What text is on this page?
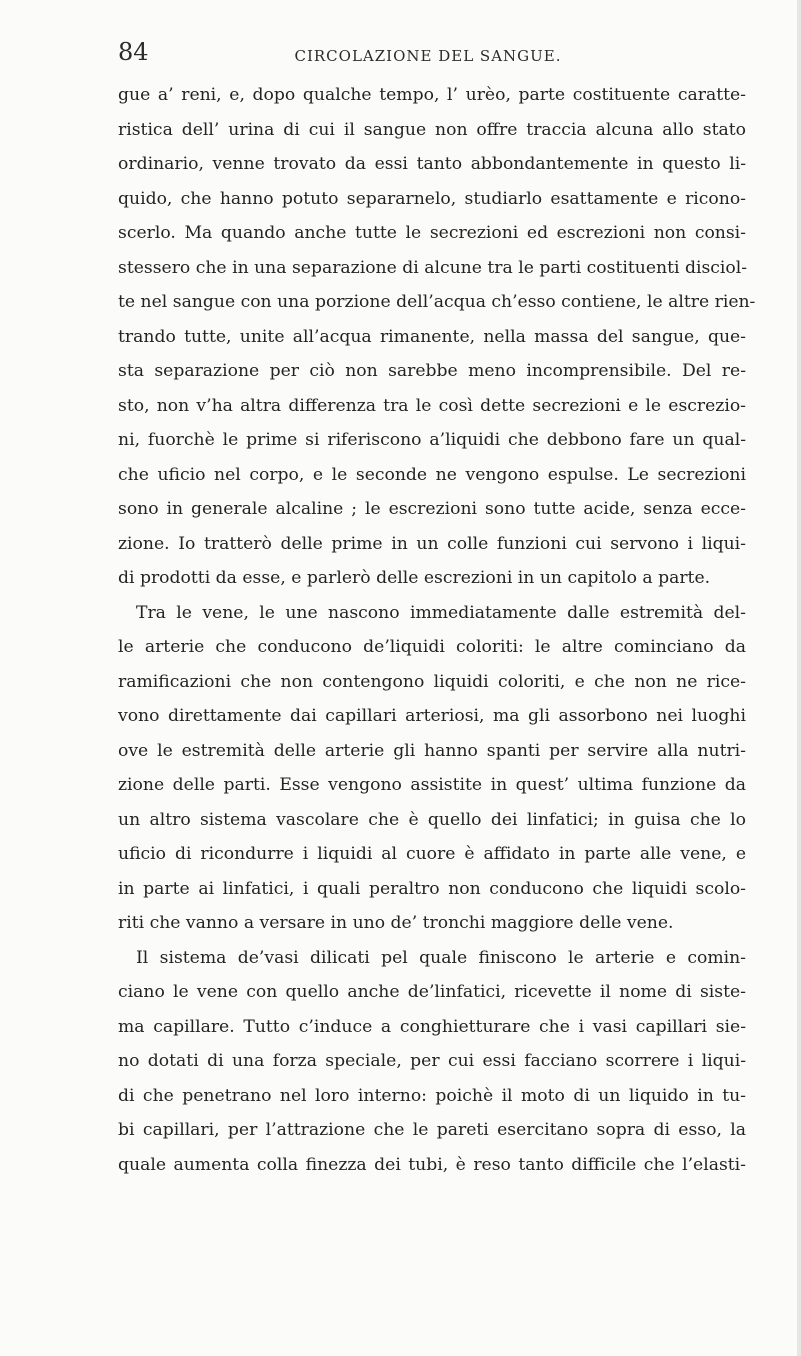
84	CIRCOLAZIONE DEL SANGUE.
gue a’ reni, e, dopo qualche tempo, l’ urèo, parte costituente caratte-
ristica dell’ urina di cui il sangue non offre traccia alcuna allo stato
ordinario, venne trovato da essi tanto abbondantemente in questo li-
quido, che hanno potuto separarnelo, studiarlo esattamente e ricono-
scerlo. Ma quando anche tutte le secrezioni ed escrezioni non consi-
stessero che in una separazione di alcune tra le parti costituenti disciol-
te nel sangue con una porzione dell’acqua ch’esso contiene, le altre rien-
trando tutte, unite all’acqua rimanente, nella massa del sangue, que-
sta separazione per ciò non sarebbe meno incomprensibile. Del re-
sto, non v’ha altra differenza tra le così dette secrezioni e le escrezio-
ni, fuorchè le prime si riferiscono a’liquidi che debbono fare un qual-
che uficio nel corpo, e le seconde ne vengono espulse. Le secrezioni
sono in generale alcaline ; le escrezioni sono tutte acide, senza ecce-
zione. Io tratterò delle prime in un colle funzioni cui servono i liqui-
di prodotti da esse, e parlerò delle escrezioni in un capitolo a parte.
Tra le vene, le une nascono immediatamente dalle estremità del-
le arterie che conducono de’liquidi coloriti: le altre cominciano da
ramificazioni che non contengono liquidi coloriti, e che non ne rice-
vono direttamente dai capillari arteriosi, ma gli assorbono nei luoghi
ove le estremità delle arterie gli hanno spanti per servire alla nutri-
zione delle parti. Esse vengono assistite in quest’ ultima funzione da
un altro sistema vascolare che è quello dei linfatici; in guisa che lo
uficio di ricondurre i liquidi al cuore è affidato in parte alle vene, e
in parte ai linfatici, i quali peraltro non conducono che liquidi scolo-
riti che vanno a versare in uno de’ tronchi maggiore delle vene.
Il sistema de’vasi dilicati pel quale finiscono le arterie e comin-
ciano le vene con quello anche de’linfatici, ricevette il nome di siste-
ma capillare. Tutto c’induce a conghietturare che i vasi capillari sie-
no dotati di una forza speciale, per cui essi facciano scorrere i liqui-
di che penetrano nel loro interno: poichè il moto di un liquido in tu-
bi capillari, per l’attrazione che le pareti esercitano sopra di esso, la
quale aumenta colla finezza dei tubi, è reso tanto difficile che l’elasti-
